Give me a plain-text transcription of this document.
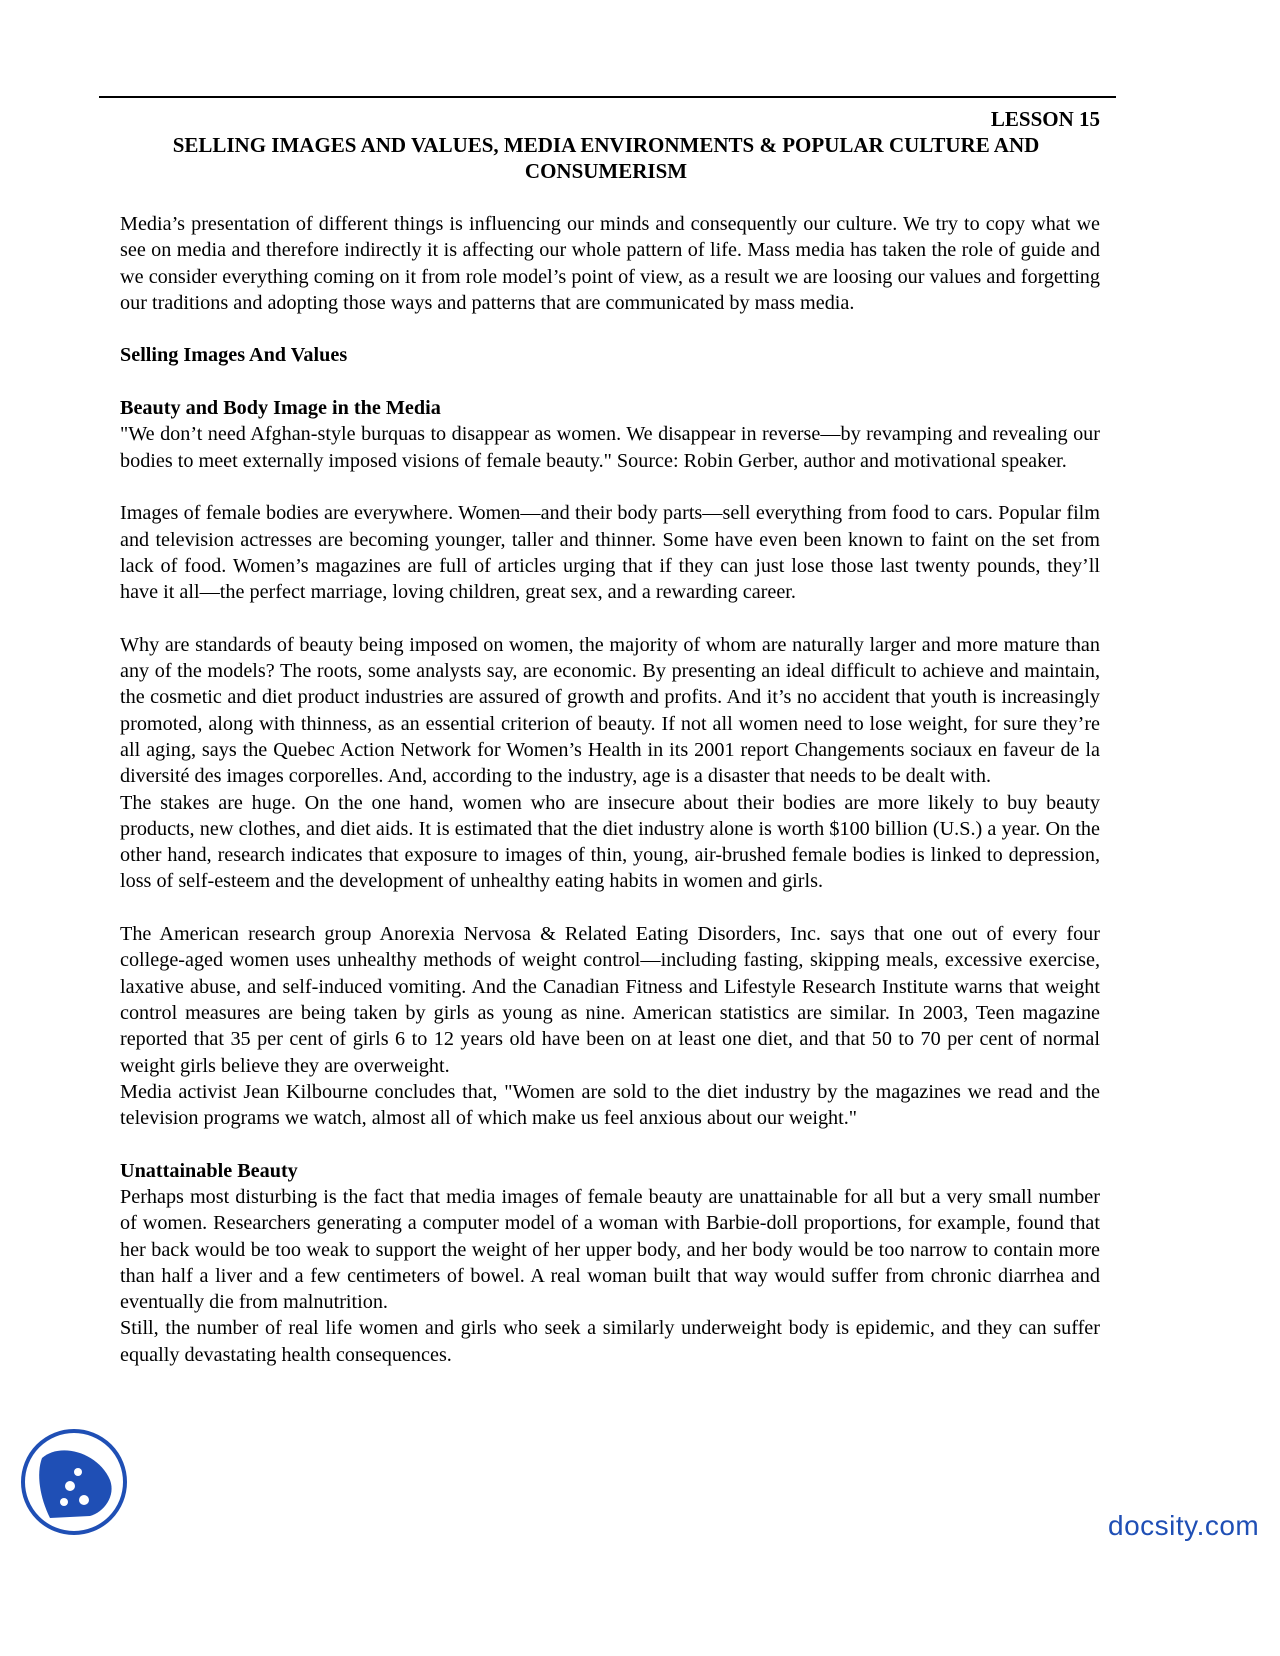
LESSON 15

SELLING IMAGES AND VALUES, MEDIA ENVIRONMENTS & POPULAR CULTURE AND CONSUMERISM

Media’s presentation of different things is influencing our minds and consequently our culture. We try to copy what we see on media and therefore indirectly it is affecting our whole pattern of life. Mass media has taken the role of guide and we consider everything coming on it from role model’s point of view, as a result we are loosing our values and forgetting our traditions and adopting those ways and patterns that are communicated by mass media.

Selling Images And Values
Beauty and Body Image in the Media

"We don’t need Afghan-style burquas to disappear as women. We disappear in reverse—by revamping and revealing our bodies to meet externally imposed visions of female beauty." Source: Robin Gerber, author and motivational speaker.

Images of female bodies are everywhere. Women—and their body parts—sell everything from food to cars. Popular film and television actresses are becoming younger, taller and thinner. Some have even been known to faint on the set from lack of food. Women’s magazines are full of articles urging that if they can just lose those last twenty pounds, they’ll have it all—the perfect marriage, loving children, great sex, and a rewarding career.

Why are standards of beauty being imposed on women, the majority of whom are naturally larger and more mature than any of the models? The roots, some analysts say, are economic. By presenting an ideal difficult to achieve and maintain, the cosmetic and diet product industries are assured of growth and profits. And it’s no accident that youth is increasingly promoted, along with thinness, as an essential criterion of beauty. If not all women need to lose weight, for sure they’re all aging, says the Quebec Action Network for Women’s Health in its 2001 report Changements sociaux en faveur de la diversité des images corporelles. And, according to the industry, age is a disaster that needs to be dealt with.

The stakes are huge. On the one hand, women who are insecure about their bodies are more likely to buy beauty products, new clothes, and diet aids. It is estimated that the diet industry alone is worth $100 billion (U.S.) a year. On the other hand, research indicates that exposure to images of thin, young, air-brushed female bodies is linked to depression, loss of self-esteem and the development of unhealthy eating habits in women and girls.

The American research group Anorexia Nervosa & Related Eating Disorders, Inc. says that one out of every four college-aged women uses unhealthy methods of weight control—including fasting, skipping meals, excessive exercise, laxative abuse, and self-induced vomiting. And the Canadian Fitness and Lifestyle Research Institute warns that weight control measures are being taken by girls as young as nine. American statistics are similar. In 2003, Teen magazine reported that 35 per cent of girls 6 to 12 years old have been on at least one diet, and that 50 to 70 per cent of normal weight girls believe they are overweight.

Media activist Jean Kilbourne concludes that, "Women are sold to the diet industry by the magazines we read and the television programs we watch, almost all of which make us feel anxious about our weight."

Unattainable Beauty

Perhaps most disturbing is the fact that media images of female beauty are unattainable for all but a very small number of women. Researchers generating a computer model of a woman with Barbie-doll proportions, for example, found that her back would be too weak to support the weight of her upper body, and her body would be too narrow to contain more than half a liver and a few centimeters of bowel. A real woman built that way would suffer from chronic diarrhea and eventually die from malnutrition.

Still, the number of real life women and girls who seek a similarly underweight body is epidemic, and they can suffer equally devastating health consequences.

docsity.com
